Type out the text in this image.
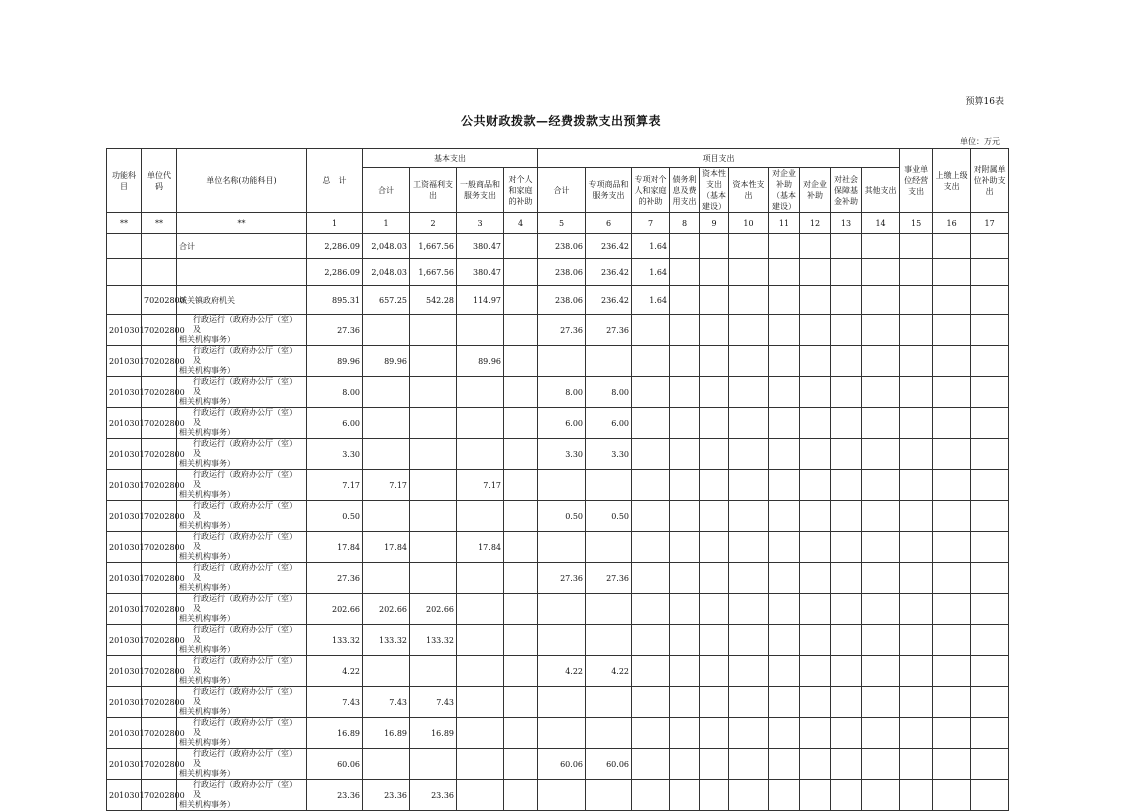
预算16表
公共财政拨款—经费拨款支出预算表
单位：万元
功能科目	单位代码	单位名称(功能科目)	总　计	基本支出				项目支出										事业单位经营支出	上缴上级支出	对附属单位补助支出
				合计	工资福利支出	一般商品和服务支出	对个人和家庭的补助	合计	专项商品和服务支出	专项对个人和家庭的补助	债务利息及费用支出	资本性支出（基本建设）	资本性支出	对企业补助（基本建设）	对企业补助	对社会保障基金补助	其他支出			
**	**	**	1	1	2	3	4	5	6	7	8	9	10	11	12	13	14	15	16	17
		合计	2,286.09	2,048.03	1,667.56	380.47		238.06	236.42	1.64										
			2,286.09	2,048.03	1,667.56	380.47		238.06	236.42	1.64										
	70202800	城关镇政府机关	895.31	657.25	542.28	114.97		238.06	236.42	1.64										
2010301	70202800	行政运行（政府办公厅（室）及
相关机构事务）	27.36					27.36	27.36											
2010301	70202800	行政运行（政府办公厅（室）及
相关机构事务）	89.96	89.96		89.96														
2010301	70202800	行政运行（政府办公厅（室）及
相关机构事务）	8.00					8.00	8.00											
2010301	70202800	行政运行（政府办公厅（室）及
相关机构事务）	6.00					6.00	6.00											
2010301	70202800	行政运行（政府办公厅（室）及
相关机构事务）	3.30					3.30	3.30											
2010301	70202800	行政运行（政府办公厅（室）及
相关机构事务）	7.17	7.17		7.17														
2010301	70202800	行政运行（政府办公厅（室）及
相关机构事务）	0.50					0.50	0.50											
2010301	70202800	行政运行（政府办公厅（室）及
相关机构事务）	17.84	17.84		17.84														
2010301	70202800	行政运行（政府办公厅（室）及
相关机构事务）	27.36					27.36	27.36											
2010301	70202800	行政运行（政府办公厅（室）及
相关机构事务）	202.66	202.66	202.66															
2010301	70202800	行政运行（政府办公厅（室）及
相关机构事务）	133.32	133.32	133.32															
2010301	70202800	行政运行（政府办公厅（室）及
相关机构事务）	4.22					4.22	4.22											
2010301	70202800	行政运行（政府办公厅（室）及
相关机构事务）	7.43	7.43	7.43															
2010301	70202800	行政运行（政府办公厅（室）及
相关机构事务）	16.89	16.89	16.89															
2010301	70202800	行政运行（政府办公厅（室）及
相关机构事务）	60.06					60.06	60.06											
2010301	70202800	行政运行（政府办公厅（室）及
相关机构事务）	23.36	23.36	23.36															
